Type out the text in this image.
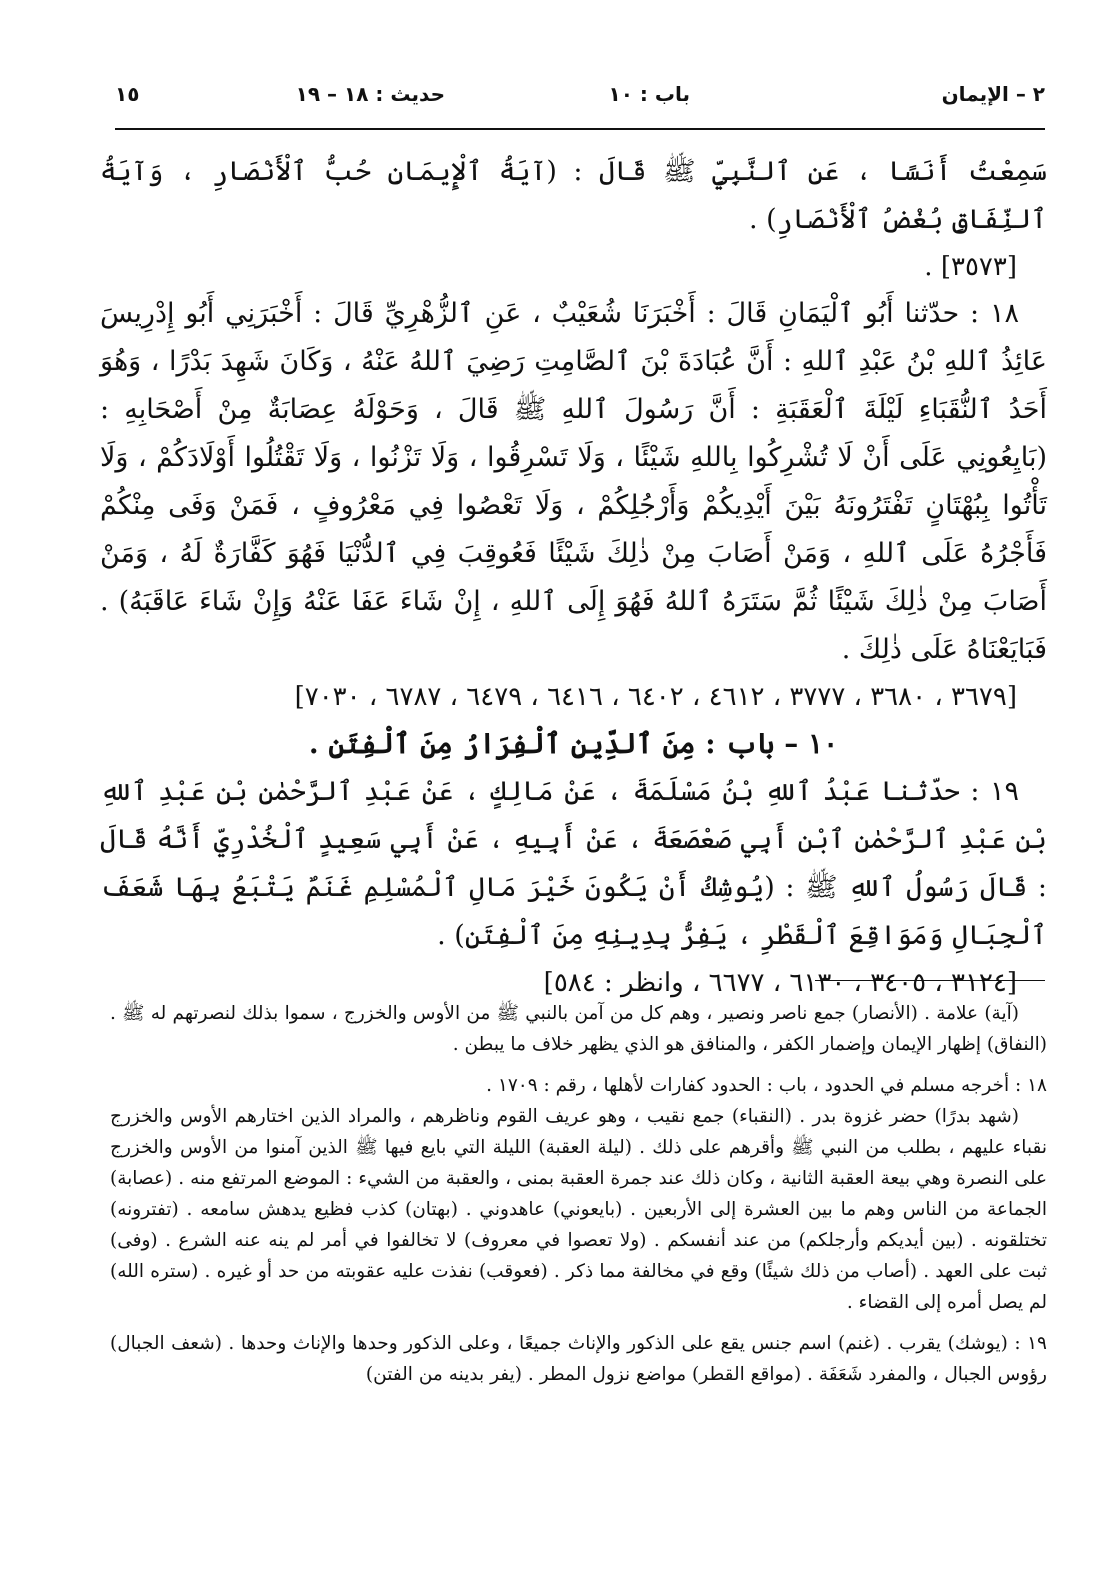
٢ – الإيمان
باب : ١٠
حديث : ١٨ – ١٩
١٥

سَمِعْتُ أَنَسًا ، عَنِ ٱلنَّبِيِّ ﷺ قَالَ : (آيَةُ ٱلْإِيمَانِ حُبُّ ٱلْأَنْصَارِ ، وَآيَةُ ٱلنِّفَاقِ بُغْضُ ٱلْأَنْصَارِ) .

[٣٥٧٣] .

١٨ : حدّثنا أَبُو ٱلْيَمَانِ قَالَ : أَخْبَرَنَا شُعَيْبٌ ، عَنِ ٱلزُّهْرِيِّ قَالَ : أَخْبَرَنِي أَبُو إِدْرِيسَ عَائِذُ ٱللهِ بْنُ عَبْدِ ٱللهِ : أَنَّ عُبَادَةَ بْنَ ٱلصَّامِتِ رَضِيَ ٱللهُ عَنْهُ ، وَكَانَ شَهِدَ بَدْرًا ، وَهُوَ أَحَدُ ٱلنُّقَبَاءِ لَيْلَةَ ٱلْعَقَبَةِ : أَنَّ رَسُولَ ٱللهِ ﷺ قَالَ ، وَحَوْلَهُ عِصَابَةٌ مِنْ أَصْحَابِهِ : (بَايِعُونِي عَلَى أَنْ لَا تُشْرِكُوا بِاللهِ شَيْئًا ، وَلَا تَسْرِقُوا ، وَلَا تَزْنُوا ، وَلَا تَقْتُلُوا أَوْلَادَكُمْ ، وَلَا تَأْتُوا بِبُهْتَانٍ تَفْتَرُونَهُ بَيْنَ أَيْدِيكُمْ وَأَرْجُلِكُمْ ، وَلَا تَعْصُوا فِي مَعْرُوفٍ ، فَمَنْ وَفَى مِنْكُمْ فَأَجْرُهُ عَلَى ٱللهِ ، وَمَنْ أَصَابَ مِنْ ذٰلِكَ شَيْئًا فَعُوقِبَ فِي ٱلدُّنْيَا فَهُوَ كَفَّارَةٌ لَهُ ، وَمَنْ أَصَابَ مِنْ ذٰلِكَ شَيْئًا ثُمَّ سَتَرَهُ ٱللهُ فَهُوَ إِلَى ٱللهِ ، إِنْ شَاءَ عَفَا عَنْهُ وَإِنْ شَاءَ عَاقَبَهُ) . فَبَايَعْنَاهُ عَلَى ذٰلِكَ .

[٣٦٧٩ ، ٣٦٨٠ ، ٣٧٧٧ ، ٤٦١٢ ، ٦٤٠٢ ، ٦٤١٦ ، ٦٤٧٩ ، ٦٧٨٧ ، ٧٠٣٠]

١٠ – باب : مِنَ ٱلدِّينِ ٱلْفِرَارُ مِنَ ٱلْفِتَنِ .

١٩ : حدّثنا عَبْدُ ٱللهِ بْنُ مَسْلَمَةَ ، عَنْ مَالِكٍ ، عَنْ عَبْدِ ٱلرَّحْمٰنِ بْنِ عَبْدِ ٱللهِ بْنِ عَبْدِ ٱلرَّحْمٰنِ ٱبْنِ أَبِي صَعْصَعَةَ ، عَنْ أَبِيهِ ، عَنْ أَبِي سَعِيدٍ ٱلْخُدْرِيِّ أَنَّهُ قَالَ : قَالَ رَسُولُ ٱللهِ ﷺ : (يُوشِكُ أَنْ يَكُونَ خَيْرَ مَالِ ٱلْمُسْلِمِ غَنَمٌ يَتْبَعُ بِهَا شَعَفَ ٱلْجِبَالِ وَمَوَاقِعَ ٱلْقَطْرِ ، يَفِرُّ بِدِينِهِ مِنَ ٱلْفِتَنِ) .

[٣١٢٤ ، ٣٤٠٥ ، ٦١٣٠ ، ٦٦٧٧ ، وانظر : ٥٨٤]

(آية) علامة . (الأنصار) جمع ناصر ونصير ، وهم كل من آمن بالنبي ﷺ من الأوس والخزرج ، سموا بذلك لنصرتهم له ﷺ . (النفاق) إظهار الإيمان وإضمار الكفر ، والمنافق هو الذي يظهر خلاف ما يبطن .

١٨ : أخرجه مسلم في الحدود ، باب : الحدود كفارات لأهلها ، رقم : ١٧٠٩ .

(شهد بدرًا) حضر غزوة بدر . (النقباء) جمع نقيب ، وهو عريف القوم وناظرهم ، والمراد الذين اختارهم الأوس والخزرج نقباء عليهم ، بطلب من النبي ﷺ وأقرهم على ذلك . (ليلة العقبة) الليلة التي بايع فيها ﷺ الذين آمنوا من الأوس والخزرج على النصرة وهي بيعة العقبة الثانية ، وكان ذلك عند جمرة العقبة بمنى ، والعقبة من الشيء : الموضع المرتفع منه . (عصابة) الجماعة من الناس وهم ما بين العشرة إلى الأربعين . (بايعوني) عاهدوني . (بهتان) كذب فظيع يدهش سامعه . (تفترونه) تختلقونه . (بين أيديكم وأرجلكم) من عند أنفسكم . (ولا تعصوا في معروف) لا تخالفوا في أمر لم ينه عنه الشرع . (وفى) ثبت على العهد . (أصاب من ذلك شيئًا) وقع في مخالفة مما ذكر . (فعوقب) نفذت عليه عقوبته من حد أو غيره . (ستره الله) لم يصل أمره إلى القضاء .

١٩ : (يوشك) يقرب . (غنم) اسم جنس يقع على الذكور والإناث جميعًا ، وعلى الذكور وحدها والإناث وحدها . (شعف الجبال) رؤوس الجبال ، والمفرد شَعَفَة . (مواقع القطر) مواضع نزول المطر . (يفر بدينه من الفتن)
